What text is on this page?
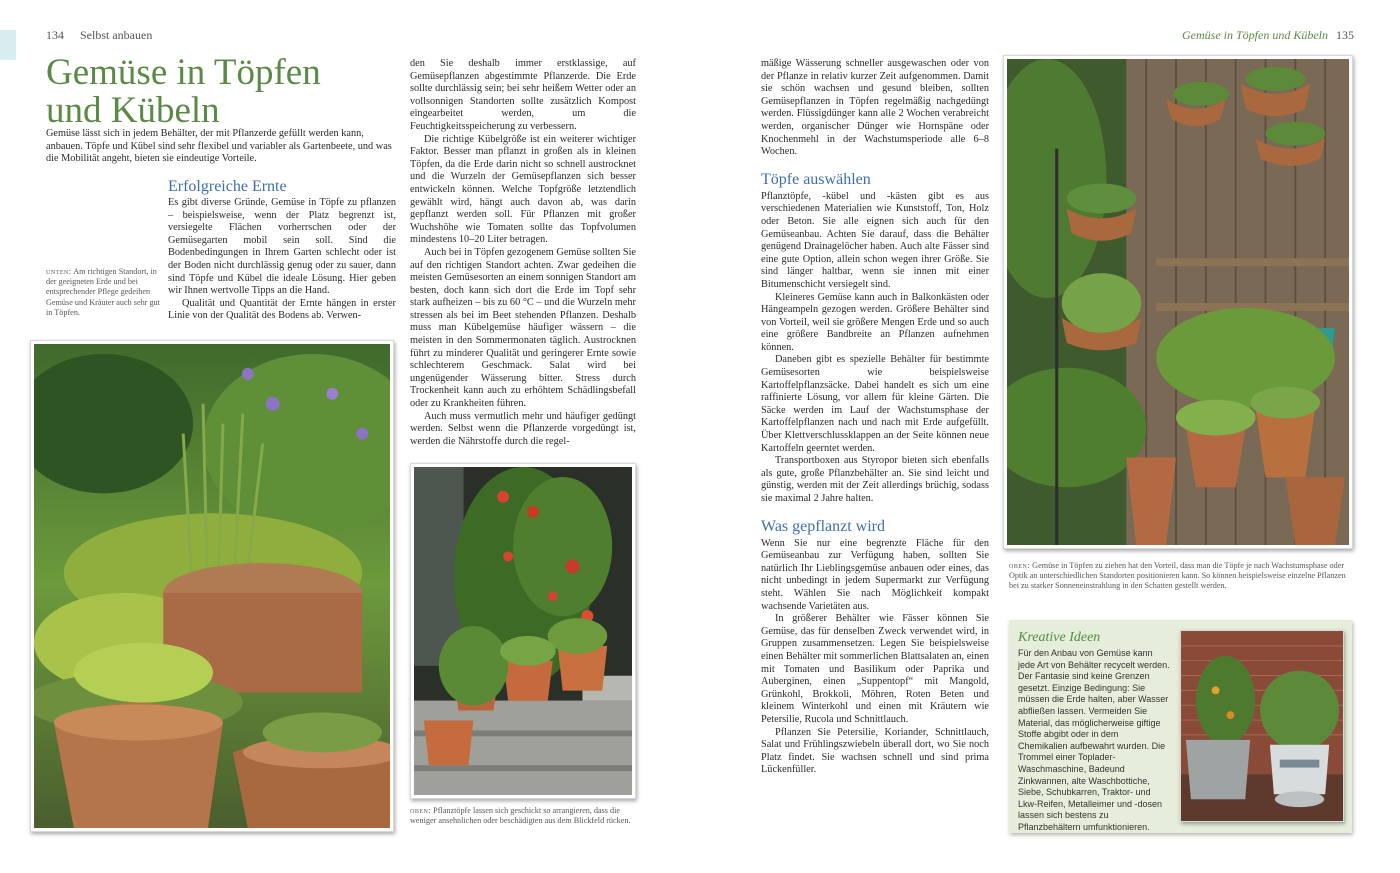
134 Selbst anbauen
Gemüse in Töpfen
und Kübeln

Gemüse lässt sich in jedem Behälter, der mit Pflanzerde gefüllt werden kann, anbauen. Töpfe und Kübel sind sehr flexibel und variabler als Gartenbeete, und was die Mobilität angeht, bieten sie eindeutige Vorteile.

Erfolgreiche Ernte

Es gibt diverse Gründe, Gemüse in Töpfe zu pflanzen – beispielsweise, wenn der Platz begrenzt ist, versiegelte Flächen vorherrschen oder der Gemüsegarten mobil sein soll. Sind die Bodenbedingungen in Ihrem Garten schlecht oder ist der Boden nicht durchlässig genug oder zu sauer, dann sind Töpfe und Kübel die ideale Lösung. Hier geben wir Ihnen wertvolle Tipps an die Hand.

Qualität und Quantität der Ernte hängen in erster Linie von der Qualität des Bodens ab. Verwen-

unten: Am richtigen Standort, in der geeigneten Erde und bei entsprechender Pflege gedeihen Gemüse und Kräuter auch sehr gut in Töpfen.

den Sie deshalb immer erstklassige, auf Gemüsepflanzen abgestimmte Pflanzerde. Die Erde sollte durchlässig sein; bei sehr heißem Wetter oder an vollsonnigen Standorten sollte zusätzlich Kompost eingearbeitet werden, um die Feuchtigkeitsspeicherung zu verbessern.

Die richtige Kübelgröße ist ein weiterer wichtiger Faktor. Besser man pflanzt in großen als in kleinen Töpfen, da die Erde darin nicht so schnell austrocknet und die Wurzeln der Gemüsepflanzen sich besser entwickeln können. Welche Topfgröße letztendlich gewählt wird, hängt auch davon ab, was darin gepflanzt werden soll. Für Pflanzen mit großer Wuchshöhe wie Tomaten sollte das Topfvolumen mindestens 10–20 Liter betragen.

Auch bei in Töpfen gezogenem Gemüse sollten Sie auf den richtigen Standort achten. Zwar gedeihen die meisten Gemüsesorten an einem sonnigen Standort am besten, doch kann sich dort die Erde im Topf sehr stark aufheizen – bis zu 60 °C – und die Wurzeln mehr stressen als bei im Beet stehenden Pflanzen. Deshalb muss man Kübelgemüse häufiger wässern – die meisten in den Sommermonaten täglich. Austrocknen führt zu minderer Qualität und geringerer Ernte sowie schlechterem Geschmack. Salat wird bei ungenügender Wässerung bitter. Stress durch Trockenheit kann auch zu erhöhtem Schädlingsbefall oder zu Krankheiten führen.

Auch muss vermutlich mehr und häufiger gedüngt werden. Selbst wenn die Pflanzerde vorgedüngt ist, werden die Nährstoffe durch die regel-

oben: Pflanztöpfe lassen sich geschickt so arrangieren, dass die weniger ansehnlichen oder beschädigten aus dem Blickfeld rücken.
Gemüse in Töpfen und Kübeln 135

mäßige Wässerung schneller ausgewaschen oder von der Pflanze in relativ kurzer Zeit aufgenommen. Damit sie schön wachsen und gesund bleiben, sollten Gemüsepflanzen in Töpfen regelmäßig nachgedüngt werden. Flüssigdünger kann alle 2 Wochen verabreicht werden, organischer Dünger wie Hornspäne oder Knochenmehl in der Wachstumsperiode alle 6–8 Wochen.

Töpfe auswählen

Pflanztöpfe, -kübel und -kästen gibt es aus verschiedenen Materialien wie Kunststoff, Ton, Holz oder Beton. Sie alle eignen sich auch für den Gemüseanbau. Achten Sie darauf, dass die Behälter genügend Drainagelöcher haben. Auch alte Fässer sind eine gute Option, allein schon wegen ihrer Größe. Sie sind länger haltbar, wenn sie innen mit einer Bitumenschicht versiegelt sind.

Kleineres Gemüse kann auch in Balkonkästen oder Hängeampeln gezogen werden. Größere Behälter sind von Vorteil, weil sie größere Mengen Erde und so auch eine größere Bandbreite an Pflanzen aufnehmen können.

Daneben gibt es spezielle Behälter für bestimmte Gemüsesorten wie beispielsweise Kartoffelpflanzsäcke. Dabei handelt es sich um eine raffinierte Lösung, vor allem für kleine Gärten. Die Säcke werden im Lauf der Wachstumsphase der Kartoffelpflanzen nach und nach mit Erde aufgefüllt. Über Klettverschlussklappen an der Seite können neue Kartoffeln geerntet werden.

Transportboxen aus Styropor bieten sich ebenfalls als gute, große Pflanzbehälter an. Sie sind leicht und günstig, werden mit der Zeit allerdings brüchig, sodass sie maximal 2 Jahre halten.

Was gepflanzt wird

Wenn Sie nur eine begrenzte Fläche für den Gemüseanbau zur Verfügung haben, sollten Sie natürlich Ihr Lieblingsgemüse anbauen oder eines, das nicht unbedingt in jedem Supermarkt zur Verfügung steht. Wählen Sie nach Möglichkeit kompakt wachsende Varietäten aus.

In größerer Behälter wie Fässer können Sie Gemüse, das für denselben Zweck verwendet wird, in Gruppen zusammensetzen. Legen Sie beispielsweise einen Behälter mit sommerlichen Blattsalaten an, einen mit Tomaten und Basilikum oder Paprika und Auberginen, einen „Suppentopf“ mit Mangold, Grünkohl, Brokkoli, Möhren, Roten Beten und kleinem Winterkohl und einen mit Kräutern wie Petersilie, Rucola und Schnittlauch.

Pflanzen Sie Petersilie, Koriander, Schnittlauch, Salat und Frühlingszwiebeln überall dort, wo Sie noch Platz findet. Sie wachsen schnell und sind prima Lückenfüller.

oben: Gemüse in Töpfen zu ziehen hat den Vorteil, dass man die Töpfe je nach Wachstumsphase oder Optik an unterschiedlichen Standorten positionieren kann. So können beispielsweise einzelne Pflanzen bei zu starker Sonneneinstrahlung in den Schatten gestellt werden.
Kreative Ideen
Für den Anbau von Gemüse kann jede Art von Behälter recycelt werden. Der Fantasie sind keine Grenzen gesetzt. Einzige Bedingung: Sie müssen die Erde halten, aber Wasser abfließen lassen. Vermeiden Sie Material, das möglicherweise giftige Stoffe abgibt oder in dem Chemikalien aufbewahrt wurden. Die Trommel einer Toplader-Waschmaschine, Badeund Zinkwannen, alte Waschbottiche, Siebe, Schubkarren, Traktor- und Lkw-Reifen, Metalleimer und -dosen lassen sich bestens zu Pflanzbehältern umfunktionieren.
